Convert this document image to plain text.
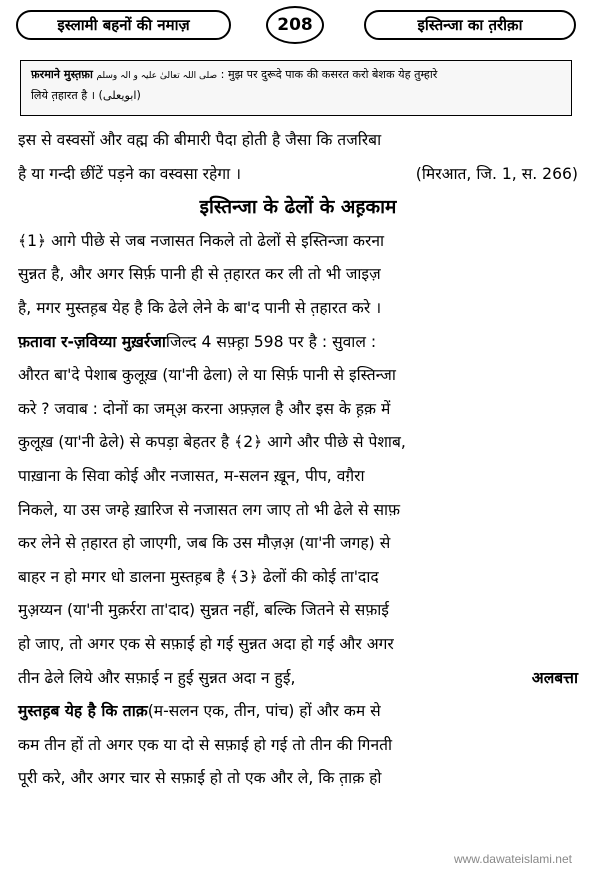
इस्लामी बहनों की नमाज़	208	इस्तिन्जा का त़रीक़ा
फ़रमाने मुस्त़फ़ा صلی اللہ تعالیٰ علیہ و الہ وسلم : मुझ पर दुरूदे पाक की कसरत करो बेशक येह तुम्हारे
लिये त़हारत है । (ابویعلی)
इस से वस्वसों और वह्म की बीमारी पैदा होती है जैसा कि तजरिबा
है या गन्दी छींटें पड़ने का वस्वसा रहेगा ।	(मिरआत, जि. 1, स. 266)
इस्तिन्जा के ढेलों के अह़काम
﴾1﴿ आगे पीछे से जब नजासत निकले तो ढेलों से इस्तिन्जा करना
सुन्नत है, और अगर सिर्फ़ पानी ही से त़हारत कर ली तो भी जाइज़
है, मगर मुस्तह़ब येह है कि ढेले लेने के बा'द पानी से त़हारत करे ।
फ़तावा र-ज़विय्या मुख़र्रजा जिल्द 4 सफ़्ह़ा 598 पर है : सुवाल :
औरत बा'दे पेशाब कुलूख़ (या'नी ढेला) ले या सिर्फ़ पानी से इस्तिन्जा
करे ? जवाब : दोनों का जम्अ़ करना अफ़्ज़ल है और इस के ह़क़ में
कुलूख़ (या'नी ढेले) से कपड़ा बेहतर है ﴾2﴿ आगे और पीछे से पेशाब,
पाख़ाना के सिवा कोई और नजासत, म-सलन ख़ून, पीप, वग़ैरा
निकले, या उस जग्हे ख़ारिज से नजासत लग जाए तो भी ढेले से साफ़
कर लेने से त़हारत हो जाएगी, जब कि उस मौज़अ़ (या'नी जगह) से
बाहर न हो मगर धो डालना मुस्तह़ब है ﴾3﴿ ढेलों की कोई ता'दाद
मुअ़य्यन (या'नी मुक़र्ररा ता'दाद) सुन्नत नहीं, बल्कि जितने से सफ़ाई
हो जाए, तो अगर एक से सफ़ाई हो गई सुन्नत अदा हो गई और अगर
तीन ढेले लिये और सफ़ाई न हुई सुन्नत अदा न हुई,	अलबत्ता
मुस्तह़ब येह है कि ताक़ (म-सलन एक, तीन, पांच) हों और कम से
कम तीन हों तो अगर एक या दो से सफ़ाई हो गई तो तीन की गिनती
पूरी करे, और अगर चार से सफ़ाई हो तो एक और ले, कि त़ाक़ हो
www.dawateislami.net
